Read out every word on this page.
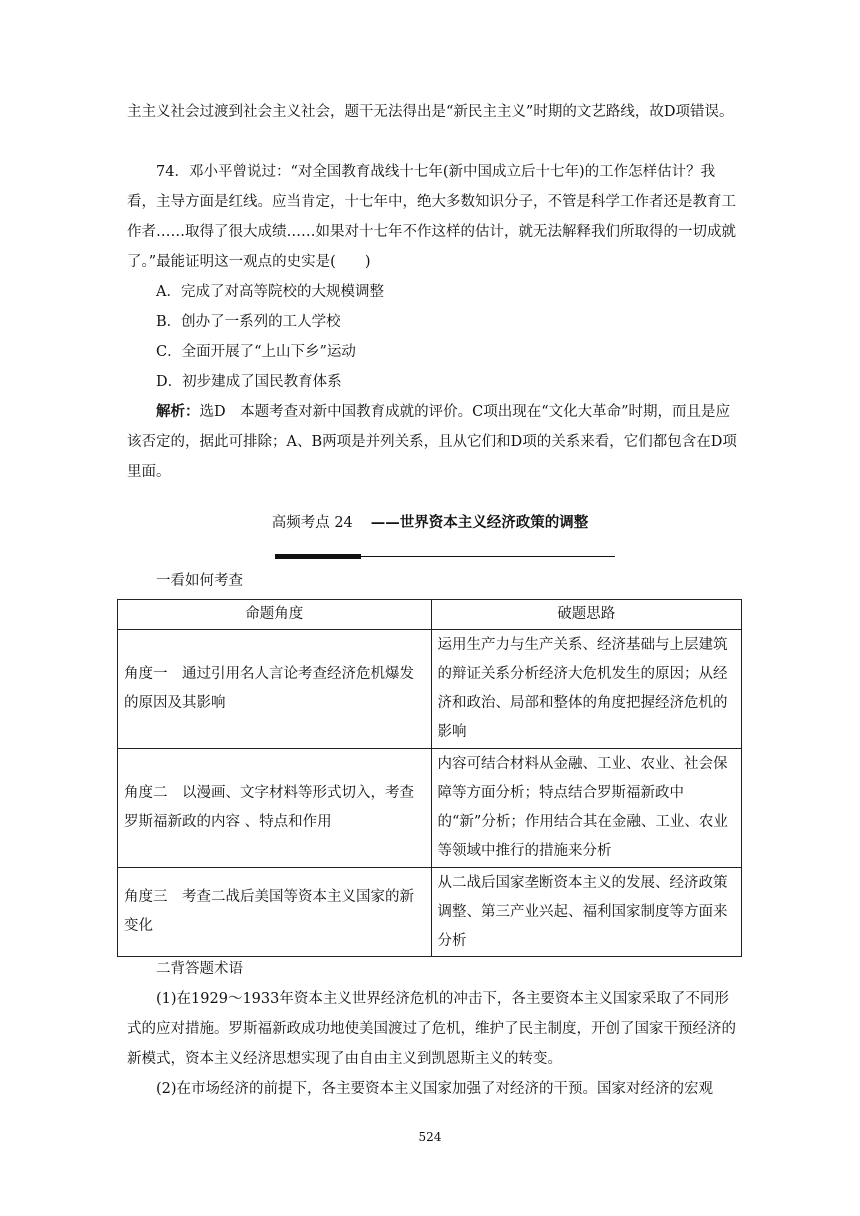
主主义社会过渡到社会主义社会，题干无法得出是“新民主主义”时期的文艺路线，故D项错误。

74．邓小平曾说过：“对全国教育战线十七年(新中国成立后十七年)的工作怎样估计？我看，主导方面是红线。应当肯定，十七年中，绝大多数知识分子，不管是科学工作者还是教育工作者……取得了很大成绩……如果对十七年不作这样的估计，就无法解释我们所取得的一切成就了。”最能证明这一观点的史实是(　　)

A．完成了对高等院校的大规模调整

B．创办了一系列的工人学校

C．全面开展了“上山下乡”运动

D．初步建成了国民教育体系

解析：选D　本题考查对新中国教育成就的评价。C项出现在“文化大革命”时期，而且是应该否定的，据此可排除；A、B两项是并列关系，且从它们和D项的关系来看，它们都包含在D项里面。

高频考点 24 ——世界资本主义经济政策的调整

一看如何考查

命题角度	破题思路
角度一　通过引用名人言论考查经济危机爆发的原因及其影响	运用生产力与生产关系、经济基础与上层建筑的辩证关系分析经济大危机发生的原因；从经济和政治、局部和整体的角度把握经济危机的影响
角度二　以漫画、文字材料等形式切入，考查罗斯福新政的内容 、特点和作用	内容可结合材料从金融、工业、农业、社会保障等方面分析；特点结合罗斯福新政中的“新”分析；作用结合其在金融、工业、农业等领域中推行的措施来分析
角度三　考查二战后美国等资本主义国家的新变化	从二战后国家垄断资本主义的发展、经济政策调整、第三产业兴起、福利国家制度等方面来分析

二背答题术语

(1)在1929～1933年资本主义世界经济危机的冲击下，各主要资本主义国家采取了不同形式的应对措施。罗斯福新政成功地使美国渡过了危机，维护了民主制度，开创了国家干预经济的新模式，资本主义经济思想实现了由自由主义到凯恩斯主义的转变。

(2)在市场经济的前提下，各主要资本主义国家加强了对经济的干预。国家对经济的宏观

524
